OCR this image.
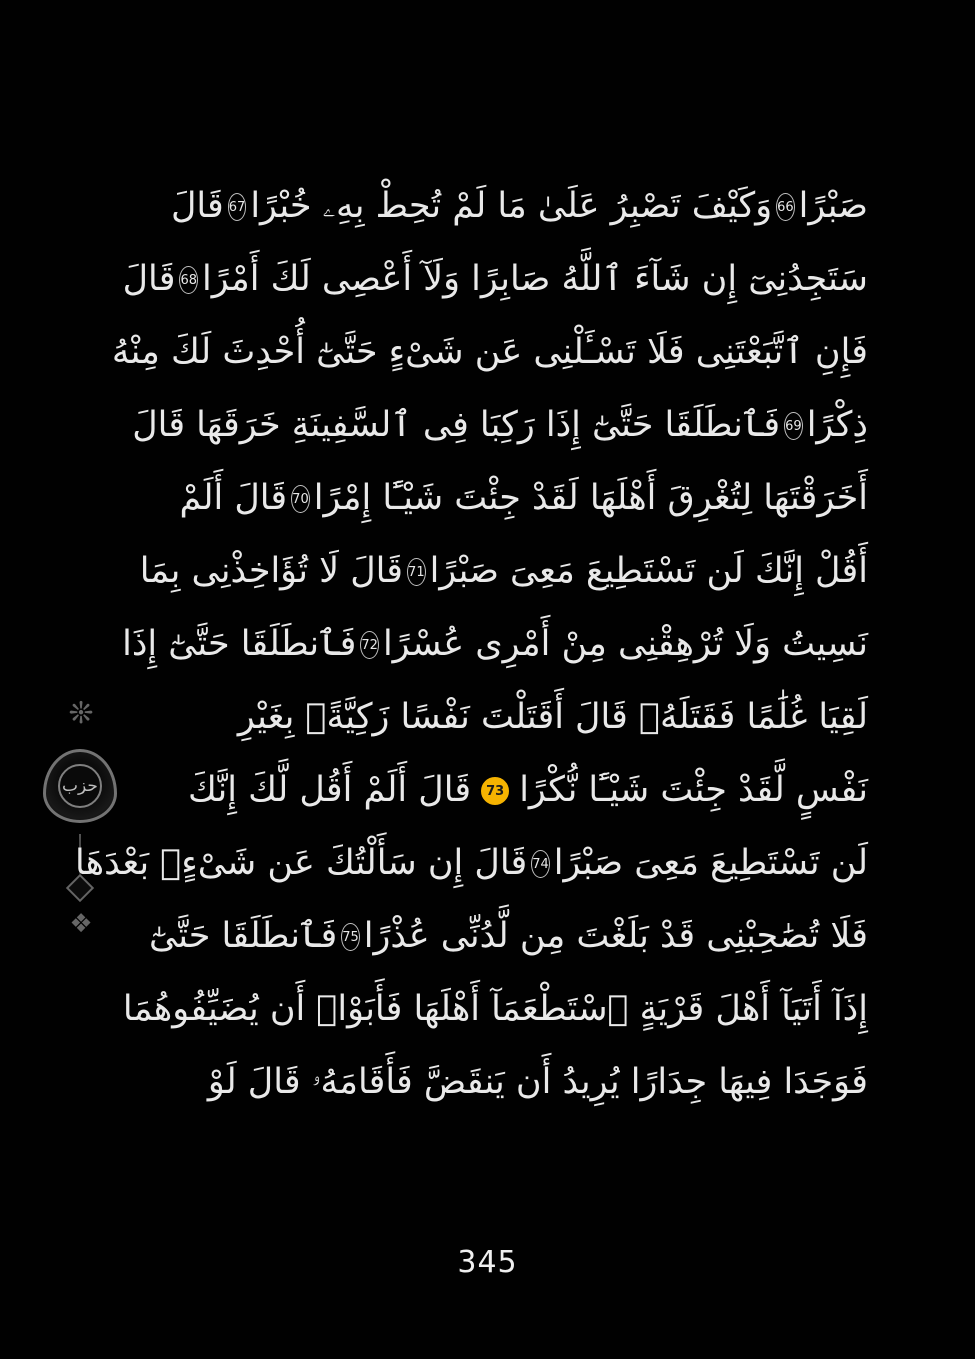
❊
حزب
❖
صَبْرًا
66
وَكَيْفَ تَصْبِرُ عَلَىٰ مَا لَمْ تُحِطْ بِهِۦ خُبْرًا
67
قَالَ
سَتَجِدُنِىٓ إِن شَآءَ ٱللَّهُ صَابِرًا وَلَآ أَعْصِى لَكَ أَمْرًا
68
قَالَ
فَإِنِ ٱتَّبَعْتَنِى فَلَا تَسْـَٔلْنِى عَن شَىْءٍ حَتَّىٰٓ أُحْدِثَ لَكَ مِنْهُ
ذِكْرًا
69
فَٱنطَلَقَا حَتَّىٰٓ إِذَا رَكِبَا فِى ٱلسَّفِينَةِ خَرَقَهَا قَالَ
أَخَرَقْتَهَا لِتُغْرِقَ أَهْلَهَا لَقَدْ جِئْتَ شَيْـًٔا إِمْرًا
70
قَالَ أَلَمْ
أَقُلْ إِنَّكَ لَن تَسْتَطِيعَ مَعِىَ صَبْرًا
71
قَالَ لَا تُؤَاخِذْنِى بِمَا
نَسِيتُ وَلَا تُرْهِقْنِى مِنْ أَمْرِى عُسْرًا
72
فَٱنطَلَقَا حَتَّىٰٓ إِذَا
لَقِيَا غُلَٰمًا فَقَتَلَهُۥ قَالَ أَقَتَلْتَ نَفْسًا زَكِيَّةًۢ بِغَيْرِ
نَفْسٍ لَّقَدْ جِئْتَ شَيْـًٔا نُّكْرًا
73
قَالَ أَلَمْ أَقُل لَّكَ إِنَّكَ
لَن تَسْتَطِيعَ مَعِىَ صَبْرًا
74
قَالَ إِن سَأَلْتُكَ عَن شَىْءٍۭ بَعْدَهَا
فَلَا تُصَٰحِبْنِى قَدْ بَلَغْتَ مِن لَّدُنِّى عُذْرًا
75
فَٱنطَلَقَا حَتَّىٰٓ
إِذَآ أَتَيَآ أَهْلَ قَرْيَةٍ ٱسْتَطْعَمَآ أَهْلَهَا فَأَبَوْا۟ أَن يُضَيِّفُوهُمَا
فَوَجَدَا فِيهَا جِدَارًا يُرِيدُ أَن يَنقَضَّ فَأَقَامَهُۥ قَالَ لَوْ
345
